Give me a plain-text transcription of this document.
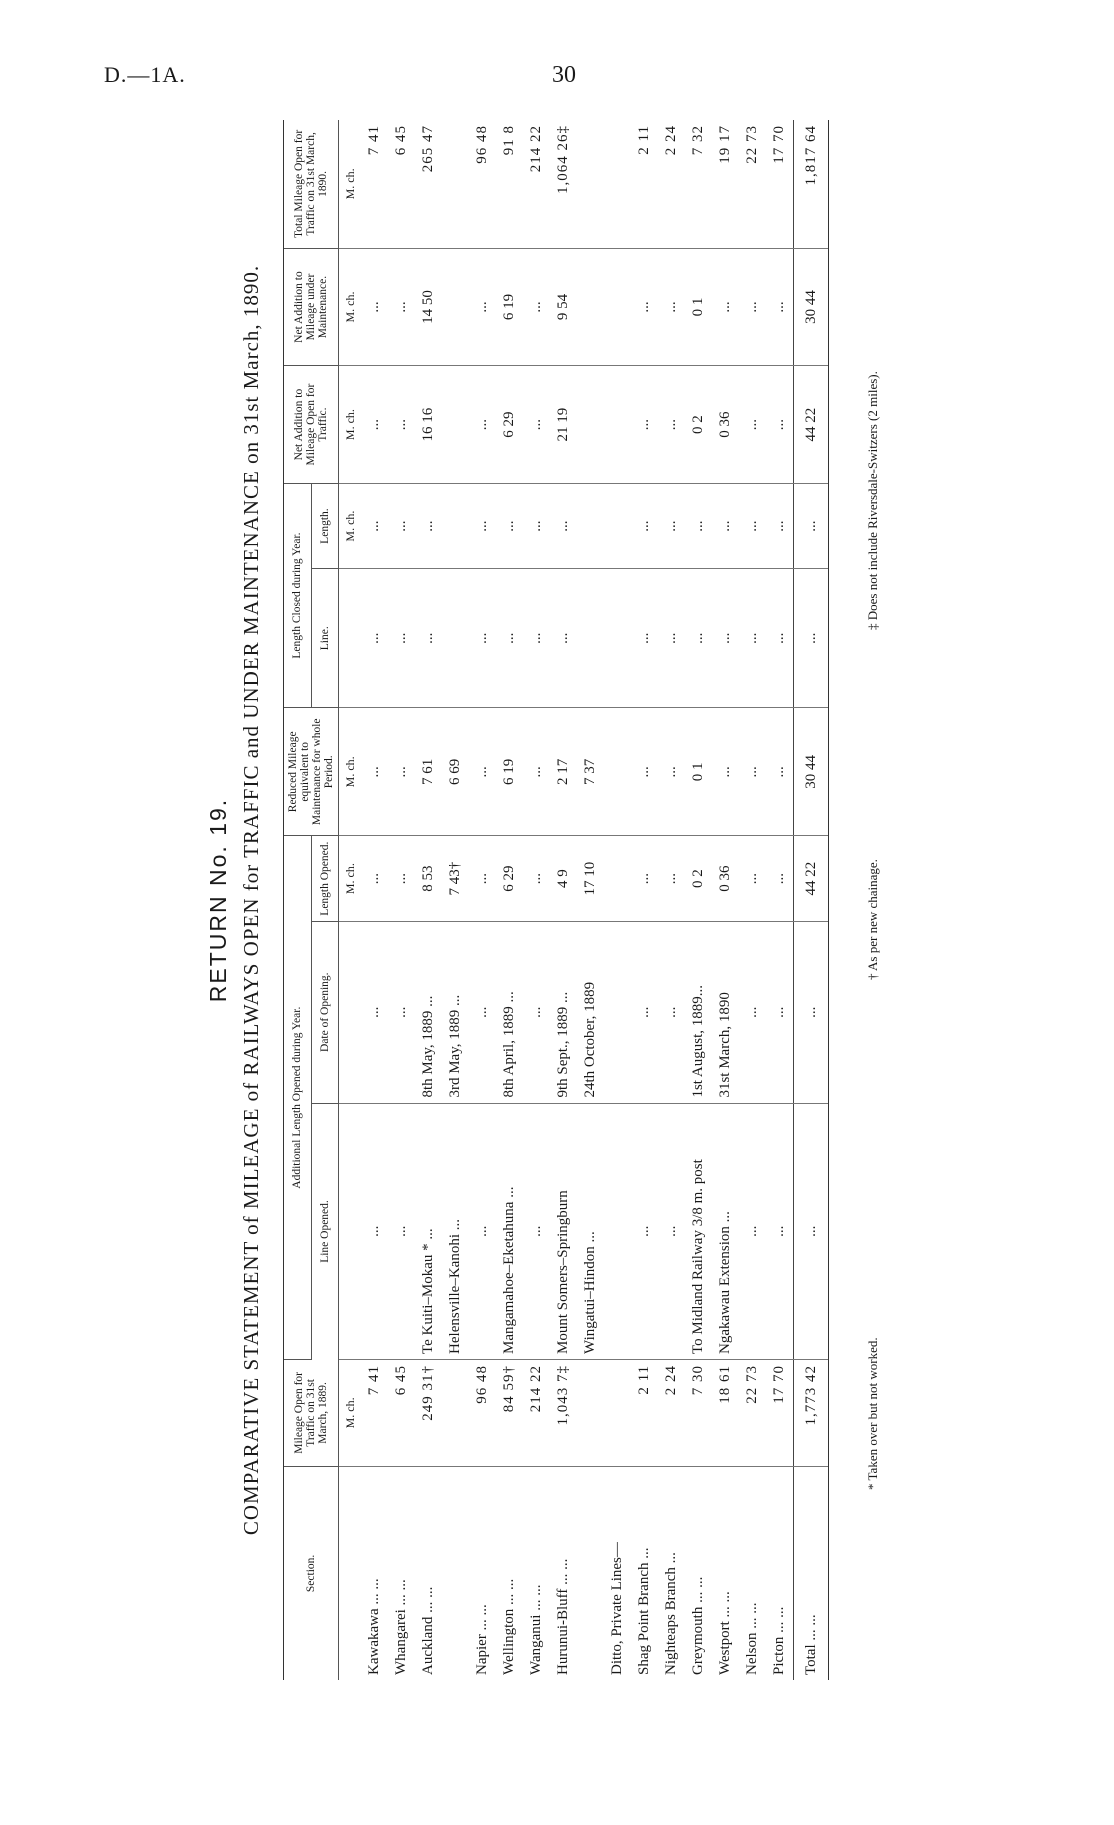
D.—1A.	30
RETURN No. 19. COMPARATIVE STATEMENT of MILEAGE of RAILWAYS OPEN for TRAFFIC and UNDER MAINTENANCE on 31st March, 1890.
Section.	Mileage Open for Traffic on 31st March, 1889.	Additional Length Opened during Year.			Reduced Mileage equivalent to Maintenance for whole Period.	Length Closed during Year.		Net Addition to Mileage Open for Traffic.	Net Addition to Mileage under Maintenance.	Total Mileage Open for Traffic on 31st March, 1890.
		Line Opened.	Date of Opening.	Length Opened.		Line.	Length.			
	M. ch.			M. ch.	M. ch.		M. ch.	M. ch.	M. ch.	M. ch.
Kawakawa ... ...	7 41	...	...	...	...	...	...	...	...	7 41
Whangarei ... ...	6 45	...	...	...	...	...	...	...	...	6 45
Auckland ... ...	249 31†	Te Kuiti–Mokau * ...	8th May, 1889 ...	8 53	7 61	...	...	16 16	14 50	265 47
		Helensville–Kanohi ...	3rd May, 1889 ...	7 43†	6 69					
Napier ... ...	96 48	...	...	...	...	...	...	...	...	96 48
Wellington ... ...	84 59†	Mangamahoe–Eketahuna ...	8th April, 1889 ...	6 29	6 19	...	...	6 29	6 19	91 8
Wanganui ... ...	214 22	...	...	...	...	...	...	...	...	214 22
Hurunui-Bluff ... ...	1,043 7‡	Mount Somers–Springburn	9th Sept., 1889 ...	4 9	2 17	...	...	21 19	9 54	1,064 26‡
		Wingatui–Hindon ...	24th October, 1889	17 10	7 37					
Ditto, Private Lines—										
Shag Point Branch ...	2 11	...	...	...	...	...	...	...	...	2 11
Nighteaps Branch ...	2 24	...	...	...	...	...	...	...	...	2 24
Greymouth ... ...	7 30	To Midland Railway 3/8 m. post	1st August, 1889...	0 2	0 1	...	...	0 2	0 1	7 32
Westport ... ...	18 61	Ngakawau Extension ...	31st March, 1890	0 36	...	...	...	0 36	...	19 17
Nelson ... ...	22 73	...	...	...	...	...	...	...	...	22 73
Picton ... ...	17 70	...	...	...	...	...	...	...	...	17 70
Total ... ...	1,773 42	...	...	44 22	30 44	...	...	44 22	30 44	1,817 64
* Taken over but not worked.
† As per new chainage.
‡ Does not include Riversdale-Switzers (2 miles).
